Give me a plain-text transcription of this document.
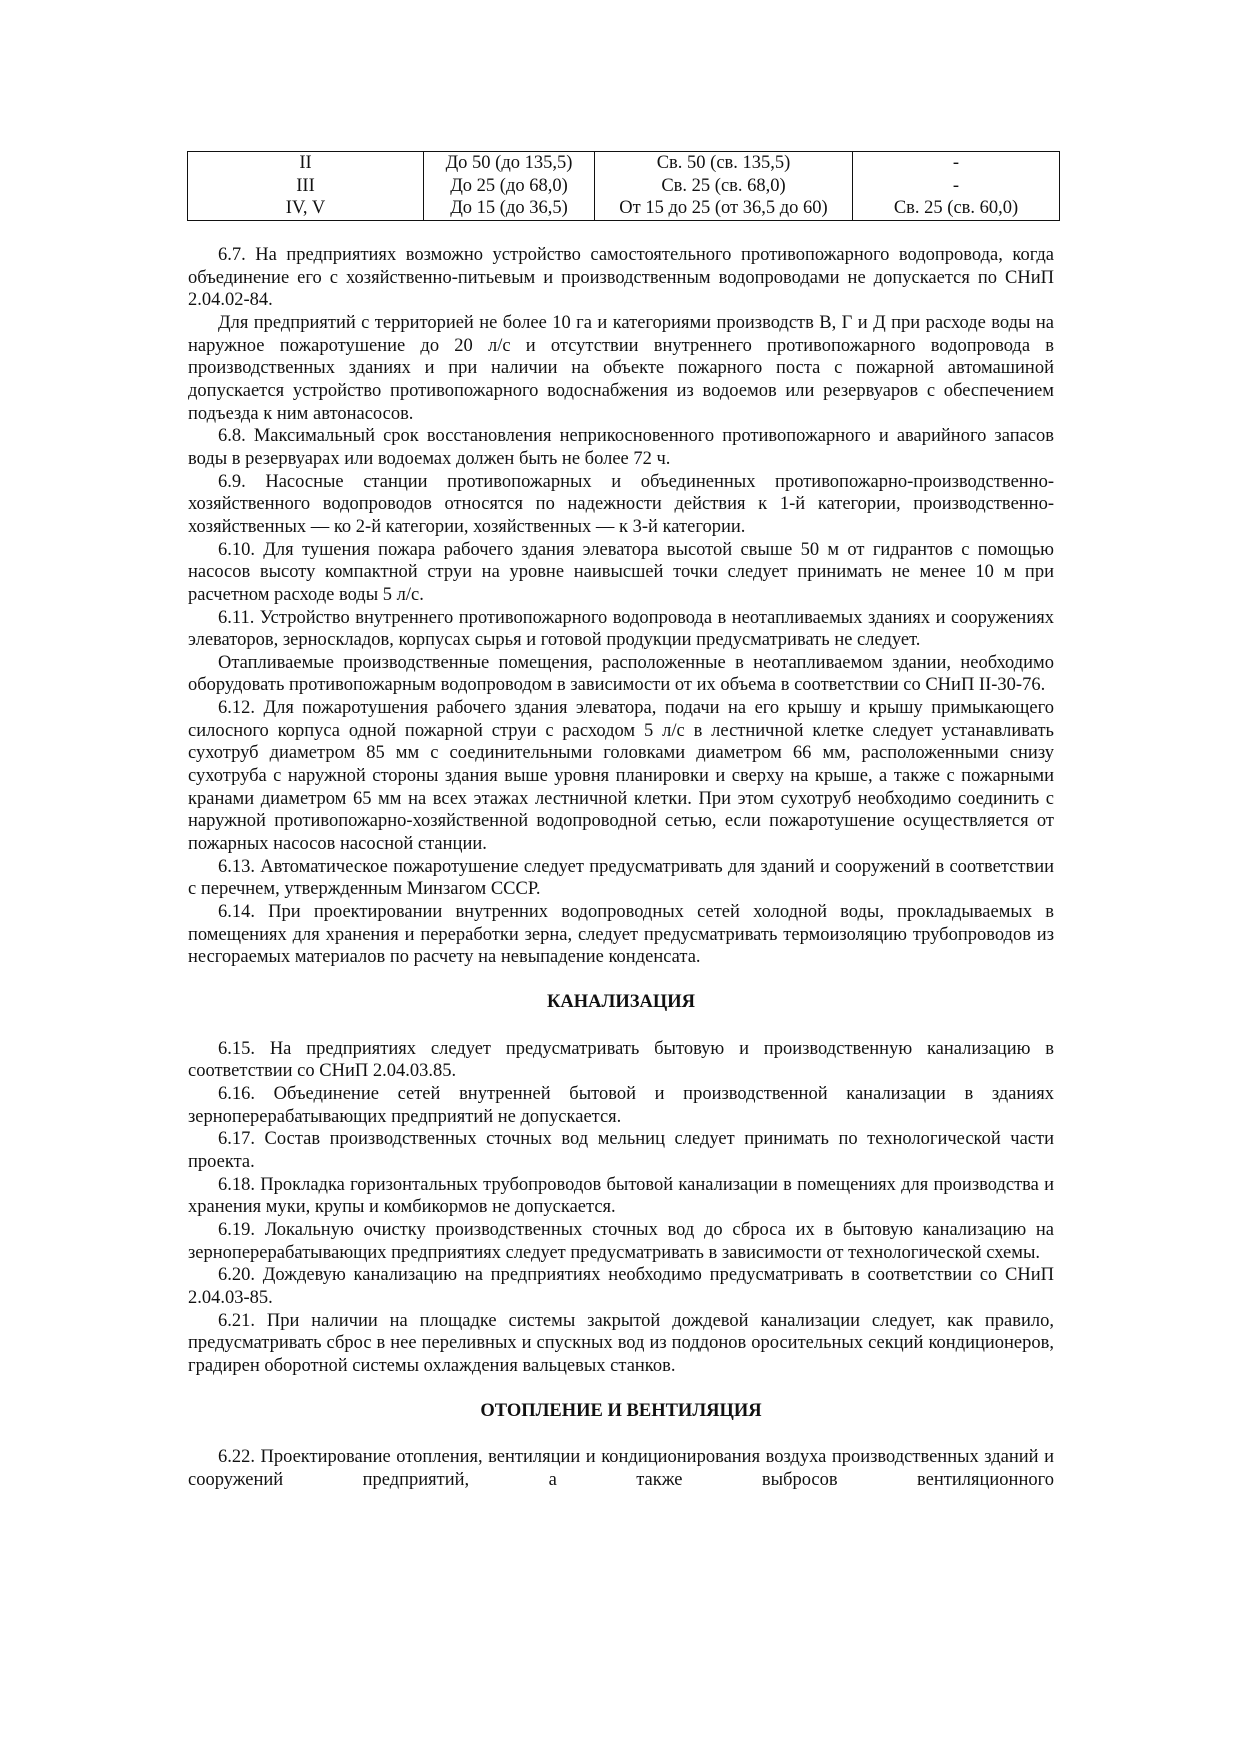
II	До 50 (до 135,5)	Св. 50 (св. 135,5)	-
III	До 25 (до 68,0)	Св. 25 (св. 68,0)	-
IV, V	До 15 (до 36,5)	От 15 до 25 (от 36,5 до 60)	Св. 25 (св. 60,0)

6.7. На предприятиях возможно устройство самостоятельного противопожарного водопровода, когда объединение его с хозяйственно-питьевым и производственным водопроводами не допускается по СНиП 2.04.02-84.

Для предприятий с территорией не более 10 га и категориями производств В, Г и Д при расходе воды на наружное пожаротушение до 20 л/с и отсутствии внутреннего противопожарного водопровода в производственных зданиях и при наличии на объекте пожарного поста с пожарной автомашиной допускается устройство противопожарного водоснабжения из водоемов или резервуаров с обеспечением подъезда к ним автонасосов.

6.8. Максимальный срок восстановления неприкосновенного противопожарного и аварийного запасов воды в резервуарах или водоемах должен быть не более 72 ч.

6.9. Насосные станции противопожарных и объединенных противопожарно-производственно-хозяйственного водопроводов относятся по надежности действия к 1-й категории, производственно-хозяйственных — ко 2-й категории, хозяйственных — к 3-й категории.

6.10. Для тушения пожара рабочего здания элеватора высотой свыше 50 м от гидрантов с помощью насосов высоту компактной струи на уровне наивысшей точки следует принимать не менее 10 м при расчетном расходе воды 5 л/с.

6.11. Устройство внутреннего противопожарного водопровода в неотапливаемых зданиях и сооружениях элеваторов, зерноскладов, корпусах сырья и готовой продукции предусматривать не следует.

Отапливаемые производственные помещения, расположенные в неотапливаемом здании, необходимо оборудовать противопожарным водопроводом в зависимости от их объема в соответствии со СНиП II-30-76.

6.12. Для пожаротушения рабочего здания элеватора, подачи на его крышу и крышу примыкающего силосного корпуса одной пожарной струи с расходом 5 л/с в лестничной клетке следует устанавливать сухотруб диаметром 85 мм с соединительными головками диаметром 66 мм, расположенными снизу сухотруба с наружной стороны здания выше уровня планировки и сверху на крыше, а также с пожарными кранами диаметром 65 мм на всех этажах лестничной клетки. При этом сухотруб необходимо соединить с наружной противопожарно-хозяйственной водопроводной сетью, если пожаротушение осуществляется от пожарных насосов насосной станции.

6.13. Автоматическое пожаротушение следует предусматривать для зданий и сооружений в соответствии с перечнем, утвержденным Минзагом СССР.

6.14. При проектировании внутренних водопроводных сетей холодной воды, прокладываемых в помещениях для хранения и переработки зерна, следует предусматривать термоизоляцию трубопроводов из несгораемых материалов по расчету на невыпадение конденсата.

КАНАЛИЗАЦИЯ

6.15. На предприятиях следует предусматривать бытовую и производственную канализацию в соответствии со СНиП 2.04.03.85.

6.16. Объединение сетей внутренней бытовой и производственной канализации в зданиях зерноперерабатывающих предприятий не допускается.

6.17. Состав производственных сточных вод мельниц следует принимать по технологической части проекта.

6.18. Прокладка горизонтальных трубопроводов бытовой канализации в помещениях для производства и хранения муки, крупы и комбикормов не допускается.

6.19. Локальную очистку производственных сточных вод до сброса их в бытовую канализацию на зерноперерабатывающих предприятиях следует предусматривать в зависимости от технологической схемы.

6.20. Дождевую канализацию на предприятиях необходимо предусматривать в соответствии со СНиП 2.04.03-85.

6.21. При наличии на площадке системы закрытой дождевой канализации следует, как правило, предусматривать сброс в нее переливных и спускных вод из поддонов оросительных секций кондиционеров, градирен оборотной системы охлаждения вальцевых станков.

ОТОПЛЕНИЕ И ВЕНТИЛЯЦИЯ

6.22. Проектирование отопления, вентиляции и кондиционирования воздуха производственных зданий и сооружений предприятий, а также выбросов вентиляционного
